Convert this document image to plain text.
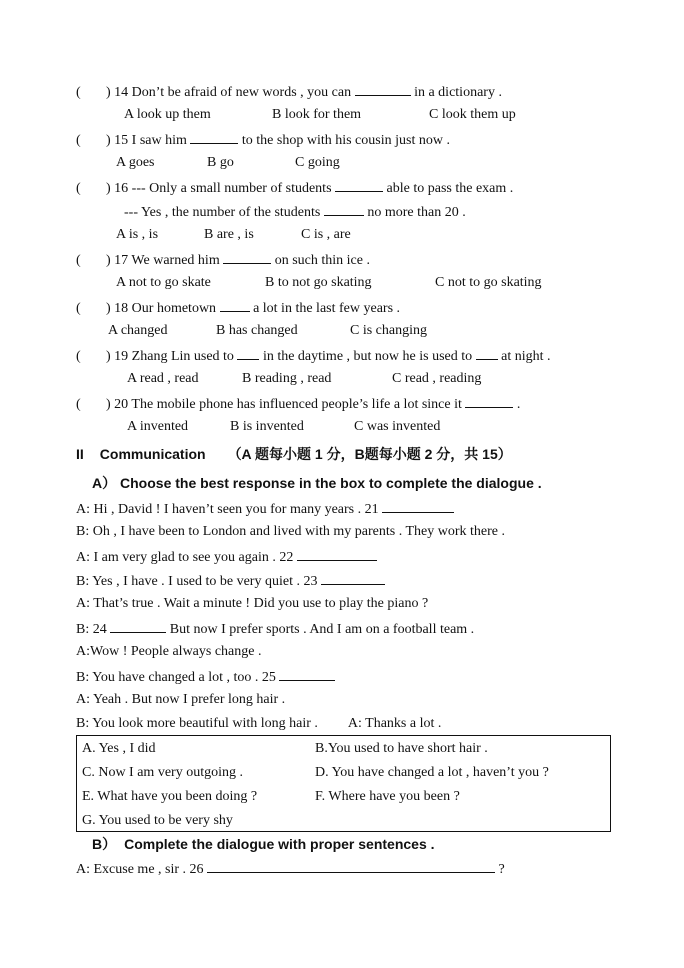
( ) 14 Don’t be afraid of new words , you can	in a dictionary .
A look up them	B look for them	C look them up
( ) 15 I saw him	to the shop with his cousin just now .
A goes	B go	C going
( ) 16 --- Only a small number of students	able to pass the exam .
--- Yes , the number of the students	no more than 20 .
A is , is	B are , is	C is , are
( ) 17 We warned him	on such thin ice .
A not to go skate	B to not go skating	C not to go skating
( ) 18 Our hometown	a lot in the last few years .
A changed	B has changed	C is changing
( ) 19 Zhang Lin used to in the daytime , but now he is used to at night .
A read , read	B reading , read	C read , reading
( ) 20 The mobile phone has influenced people’s life a lot since it	.
A invented	B is invented	C was invented
II Communication （A 题每小题 1 分，B题每小题 2 分，共 15）
A） Choose the best response in the box to complete the dialogue .
A: Hi , David ! I haven’t seen you for many years . 21
B: Oh , I have been to London and lived with my parents . They work there .
A: I am very glad to see you again . 22
B: Yes , I have . I used to be very quiet . 23
A: That’s true . Wait a minute ! Did you use to play the piano ?
B: 24	But now I prefer sports . And I am on a football team .
A:Wow ! People always change .
B: You have changed a lot , too . 25
A: Yeah . But now I prefer long hair .
B: You look more beautiful with long hair . A: Thanks a lot .
A. Yes , I did	B.You used to have short hair .
C. Now I am very outgoing .	D. You have changed a lot , haven’t you ?
E. What have you been doing ?	F. Where have you been ?
G. You used to be very shy
B） Complete the dialogue with proper sentences .
A: Excuse me , sir . 26	?
